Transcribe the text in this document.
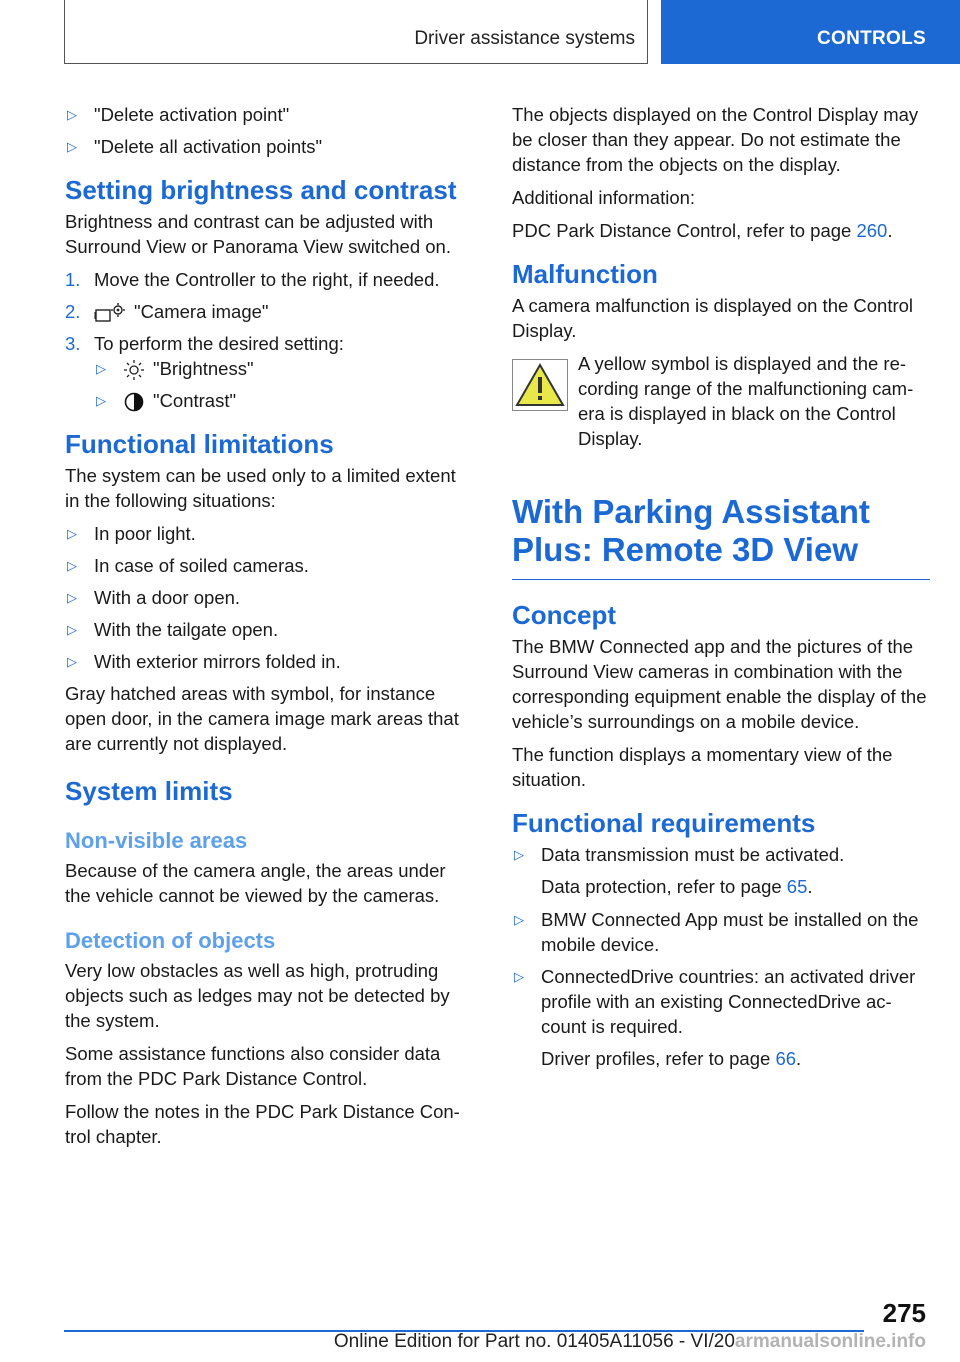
Driver assistance systems	CONTROLS
▷ "Delete activation point"
▷ "Delete all activation points"
Setting brightness and contrast

Brightness and contrast can be adjusted with Surround View or Panorama View switched on.

1. Move the Controller to the right, if needed.
2.	"Camera image"
3. To perform the desired setting:
▷	"Brightness"
▷	"Contrast"
Functional limitations

The system can be used only to a limited extent in the following situations:

▷ In poor light.
▷ In case of soiled cameras.
▷ With a door open.
▷ With the tailgate open.
▷ With exterior mirrors folded in.

Gray hatched areas with symbol, for instance open door, in the camera image mark areas that are currently not displayed.

System limits
Non-visible areas

Because of the camera angle, the areas under the vehicle cannot be viewed by the cameras.

Detection of objects

Very low obstacles as well as high, protruding objects such as ledges may not be detected by the system.

Some assistance functions also consider data from the PDC Park Distance Control.

Follow the notes in the PDC Park Distance Con‐ trol chapter.

The objects displayed on the Control Display may be closer than they appear. Do not estimate the distance from the objects on the display.

Additional information:

PDC Park Distance Control, refer to page 260.

Malfunction

A camera malfunction is displayed on the Control Display.

A yellow symbol is displayed and the re‐ cording range of the malfunctioning cam‐ era is displayed in black on the Control Display.

With Parking Assistant Plus: Remote 3D View
Concept

The BMW Connected app and the pictures of the Surround View cameras in combination with the corresponding equipment enable the display of the vehicle’s surroundings on a mobile device.

The function displays a momentary view of the situation.

Functional requirements
▷ Data transmission must be activated.

Data protection, refer to page 65.

▷ BMW Connected App must be installed on the mobile device.
▷ ConnectedDrive countries: an activated driver profile with an existing ConnectedDrive ac‐ count is required.

Driver profiles, refer to page 66.

275
Online Edition for Part no. 01405A11056 - VI/20armanualsonline.info
